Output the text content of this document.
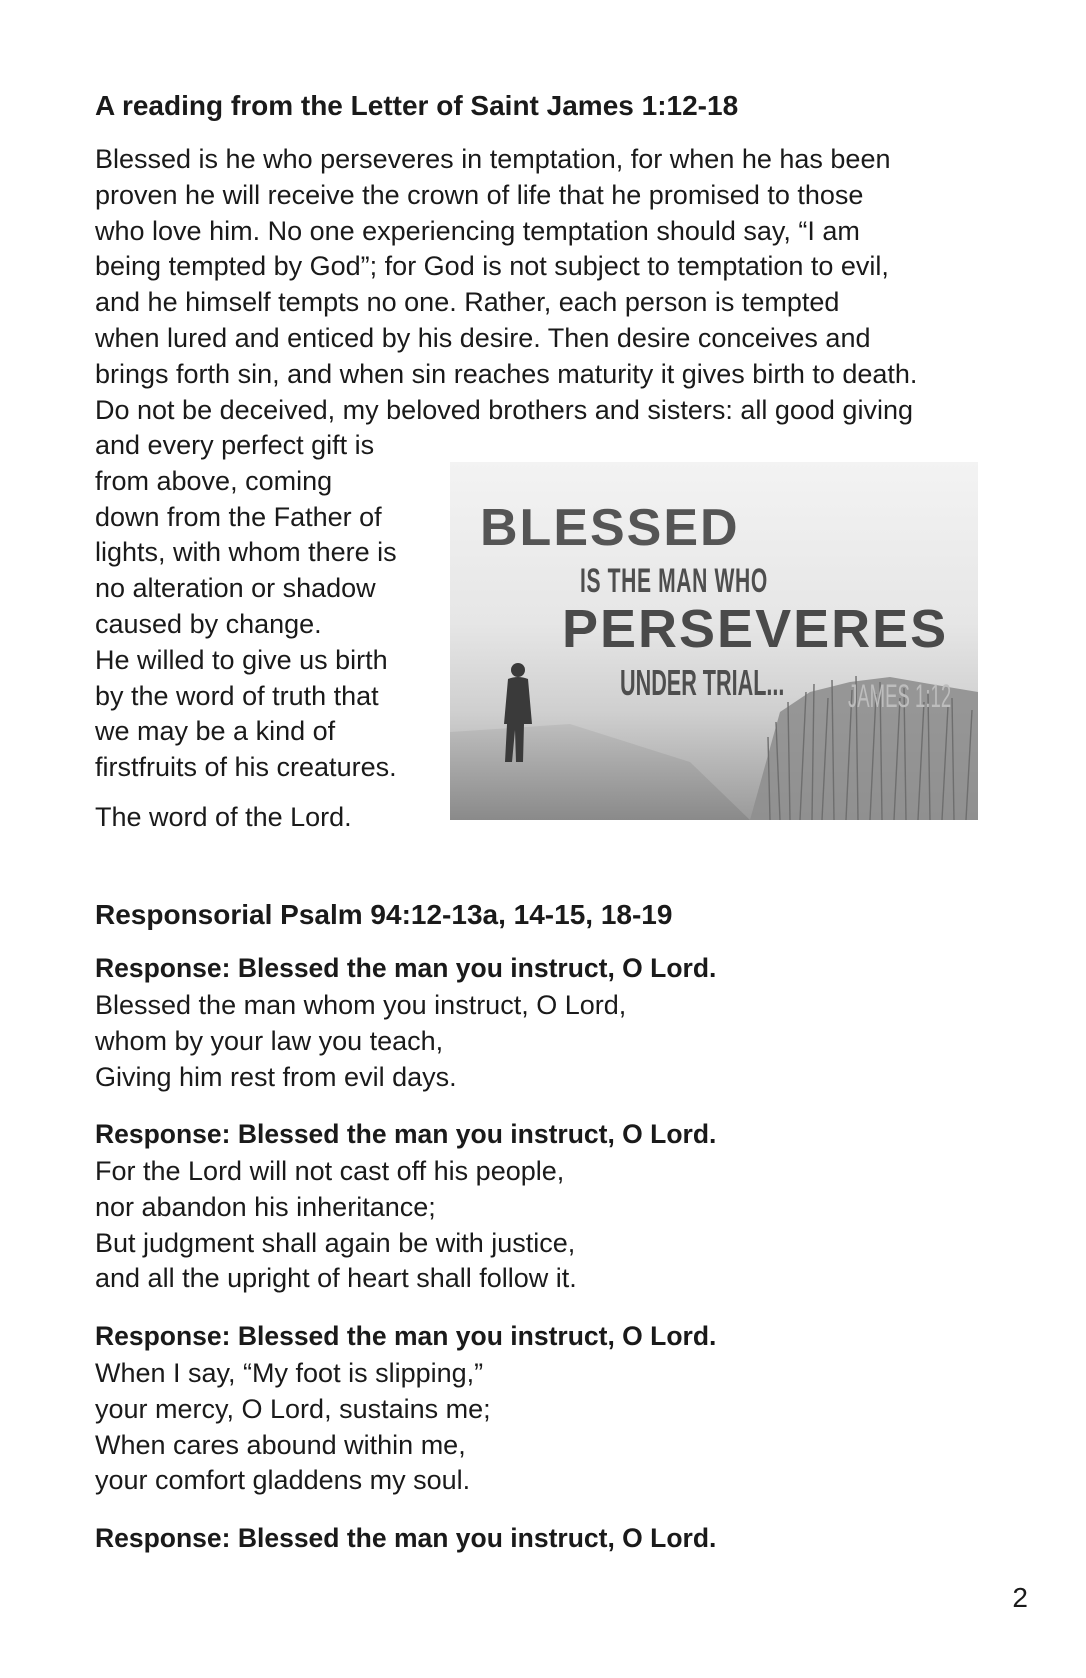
A reading from the Letter of Saint James 1:12-18
Blessed is he who perseveres in temptation, for when he has been
proven he will receive the crown of life that he promised to those
who love him. No one experiencing temptation should say, “I am
being tempted by God”; for God is not subject to temptation to evil,
and he himself tempts no one. Rather, each person is tempted
when lured and enticed by his desire. Then desire conceives and
brings forth sin, and when sin reaches maturity it gives birth to death.
Do not be deceived, my beloved brothers and sisters: all good giving
and every perfect gift is
from above, coming
down from the Father of
lights, with whom there is
no alteration or shadow
caused by change.
He willed to give us birth
by the word of truth that
we may be a kind of
firstfruits of his creatures.
The word of the Lord.
Responsorial Psalm 94:12-13a, 14-15, 18-19
Response: Blessed the man you instruct, O Lord.
Blessed the man whom you instruct, O Lord,
whom by your law you teach,
Giving him rest from evil days.
Response: Blessed the man you instruct, O Lord.
For the Lord will not cast off his people,
nor abandon his inheritance;
But judgment shall again be with justice,
and all the upright of heart shall follow it.
Response: Blessed the man you instruct, O Lord.
When I say, “My foot is slipping,”
your mercy, O Lord, sustains me;
When cares abound within me,
your comfort gladdens my soul.
Response: Blessed the man you instruct, O Lord.
BLESSED
IS THE MAN WHO
PERSEVERES
UNDER TRIAL... JAMES 1:12
2
